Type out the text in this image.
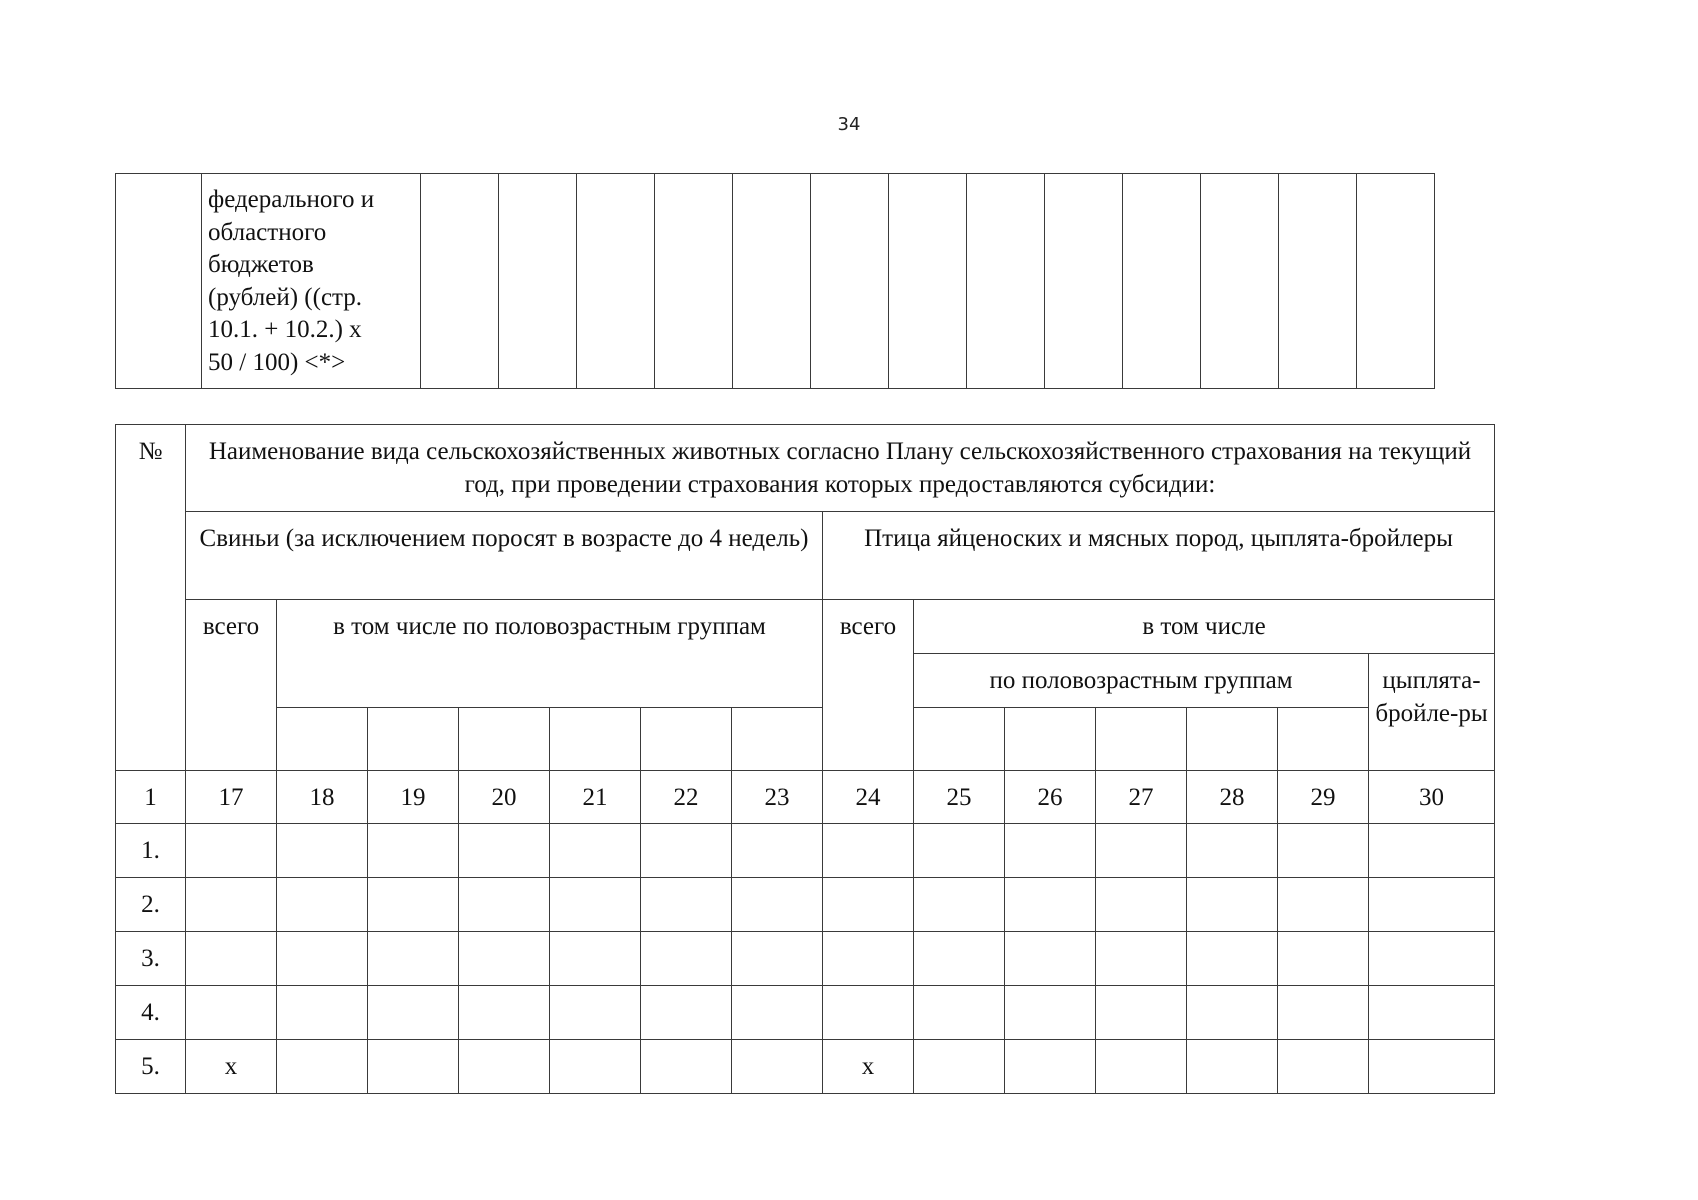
34

федерального и
областного
бюджетов
(рублей) ((стр.
10.1. + 10.2.) х
50 / 100) <*>

№	Наименование вида сельскохозяйственных животных согласно Плану сельскохозяйственного страхования на текущий год, при проведении страхования которых предоставляются субсидии:													
	Свиньи (за исключением поросят в возрасте до 4 недель)							Птица яйценоских и мясных пород, цыплята-бройлеры						
	всего	в том числе по половозрастным группам						всего	в том числе					
									по половозрастным группам					цыплята-бройле-ры

1	17	18	19	20	21	22	23	24	25	26	27	28	29	30
1.														
2.														
3.														
4.														
5.	х							х						
